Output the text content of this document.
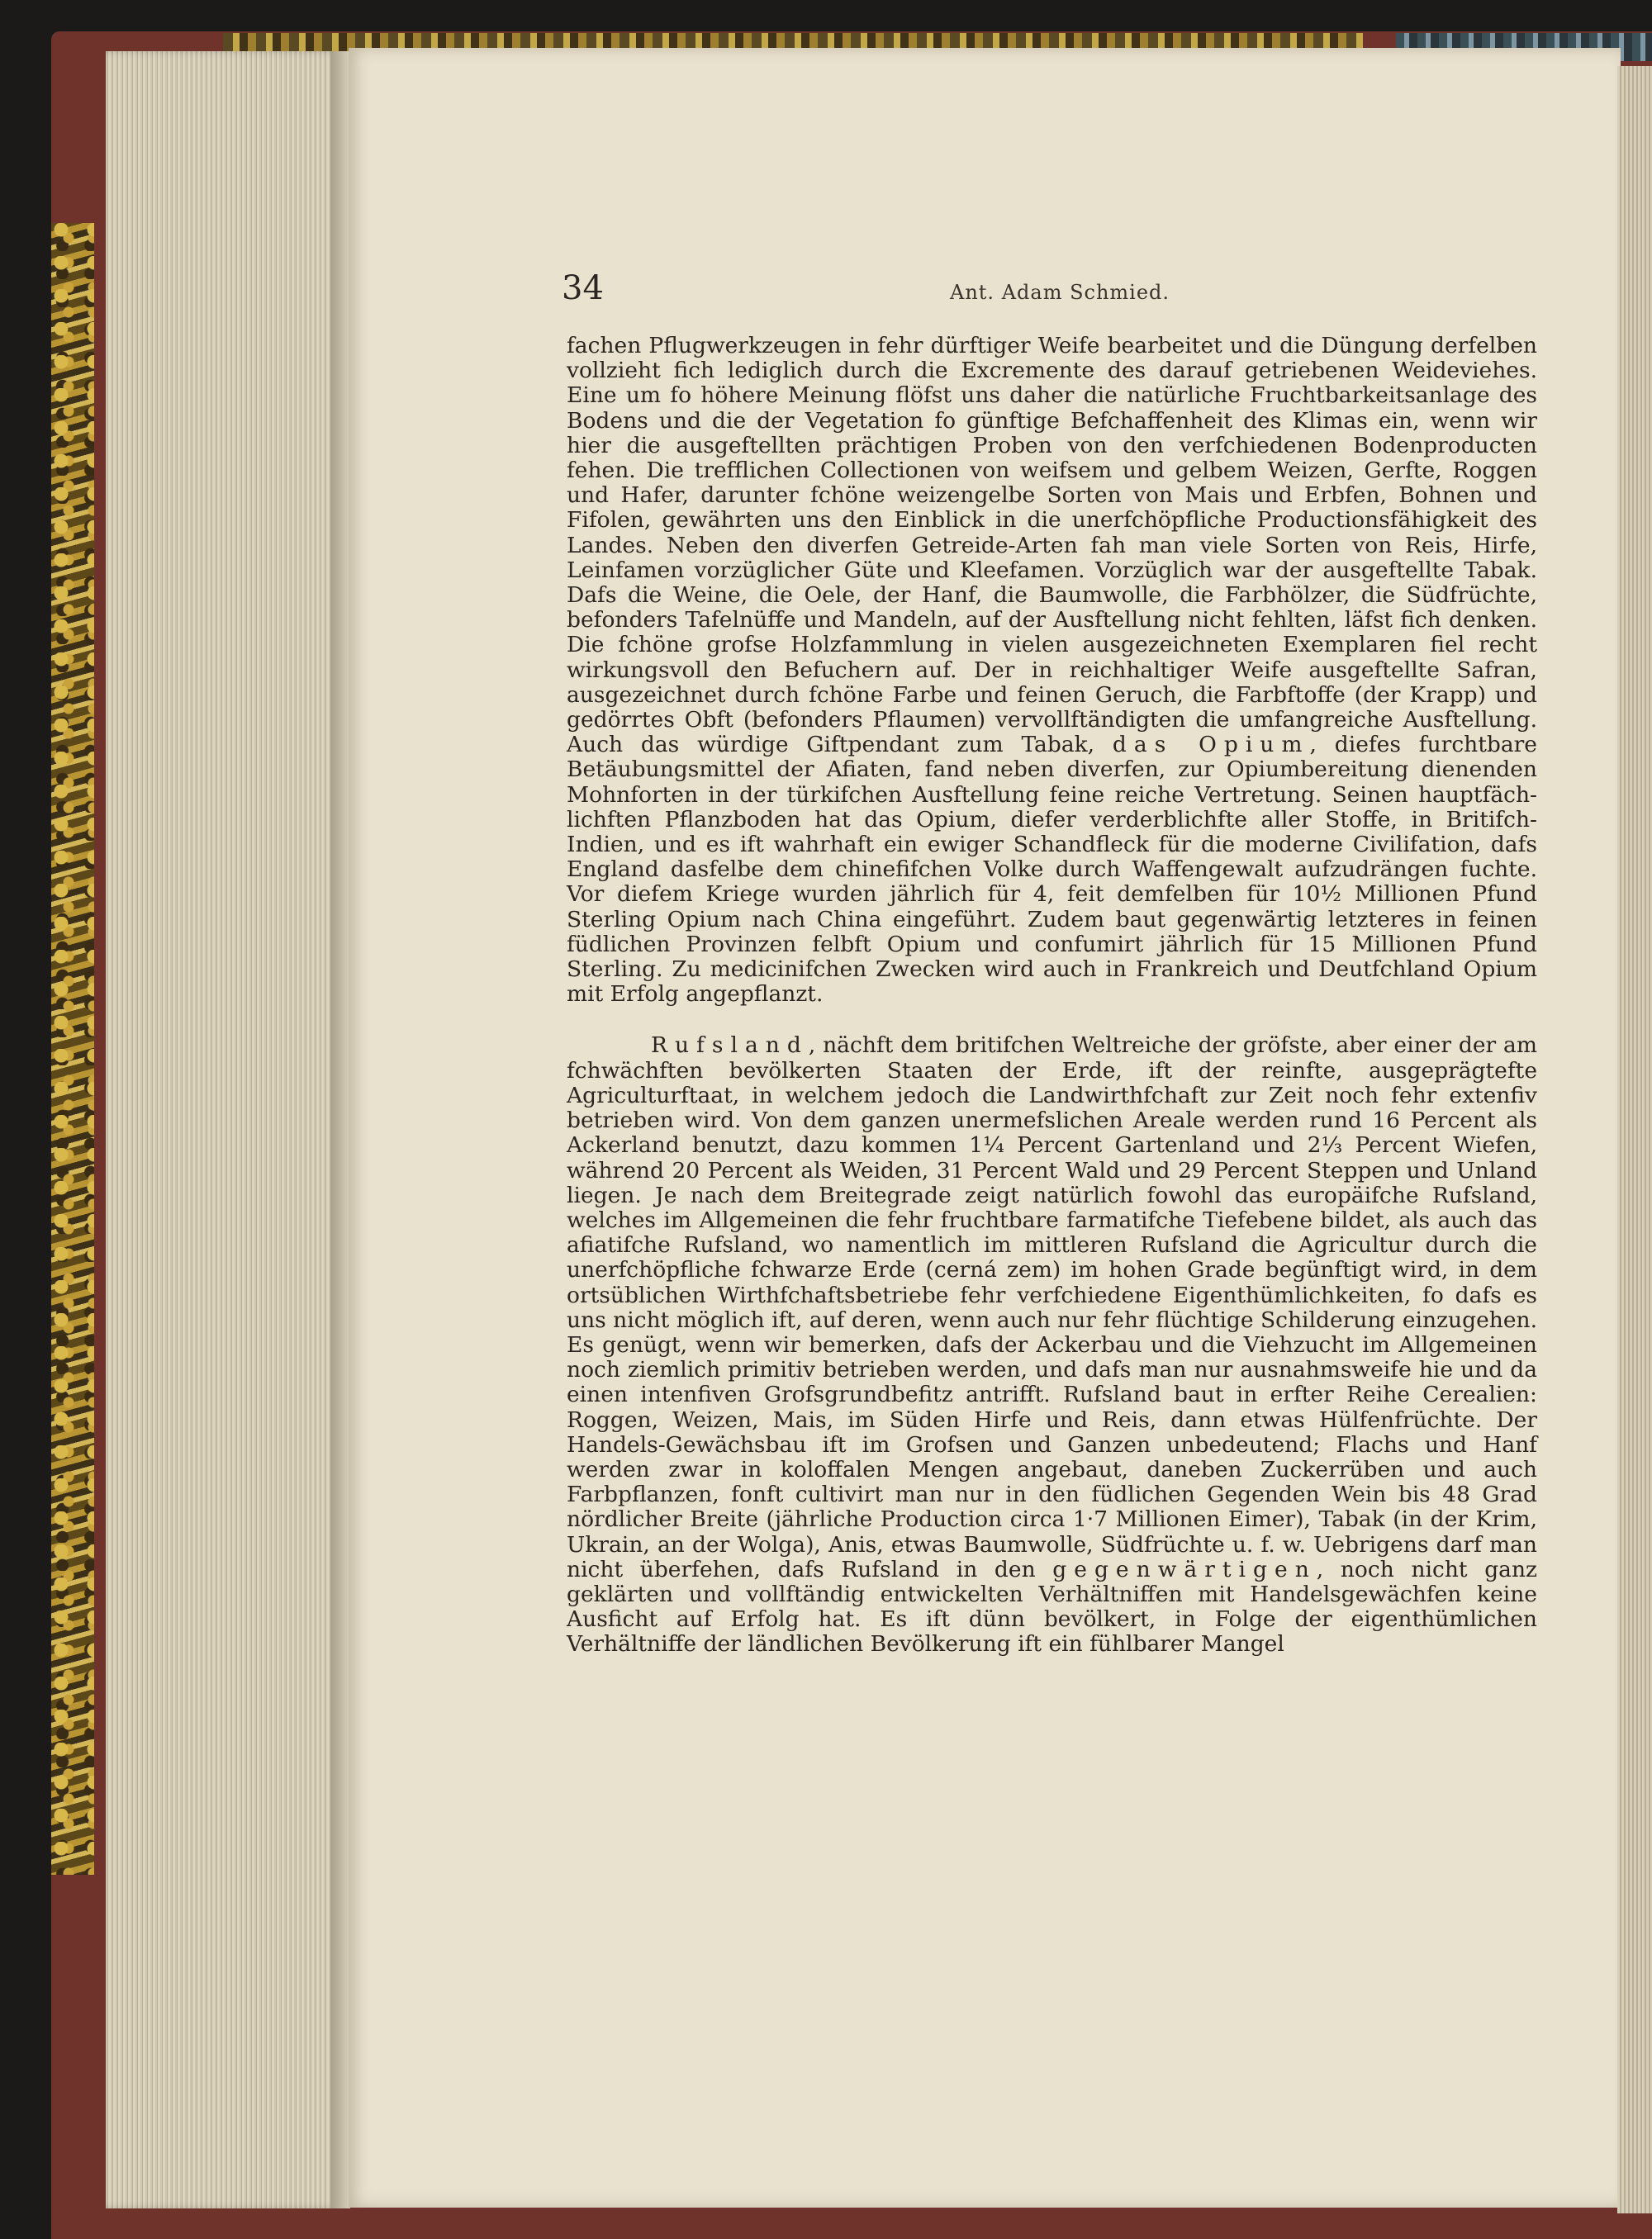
34	Ant. Adam Schmied.

fachen Pflugwerkzeugen in fehr dürftiger Weife bearbeitet und die Düngung derfelben vollzieht fich lediglich durch die Excremente des darauf getriebenen Weideviehes. Eine um fo höhere Meinung flöfst uns daher die natürliche Fruchtbarkeitsanlage des Bodens und die der Vegetation fo günftige Befchaffenheit des Klimas ein, wenn wir hier die ausgeftellten prächtigen Proben von den verfchiedenen Bodenproducten fehen. Die trefflichen Collectionen von weifsem und gelbem Weizen, Gerfte, Roggen und Hafer, darunter fchöne weizengelbe Sorten von Mais und Erbfen, Bohnen und Fifolen, gewährten uns den Einblick in die unerfchöpfliche Productionsfähigkeit des Landes. Neben den diverfen Getreide-Arten fah man viele Sorten von Reis, Hirfe, Leinfamen vorzüglicher Güte und Kleefamen. Vorzüglich war der ausgeftellte Tabak. Dafs die Weine, die Oele, der Hanf, die Baumwolle, die Farbhölzer, die Südfrüchte, befonders Tafelnüffe und Mandeln, auf der Ausftellung nicht fehlten, läfst fich denken. Die fchöne grofse Holzfammlung in vielen ausgezeichneten Exemplaren fiel recht wirkungsvoll den Befuchern auf. Der in reichhaltiger Weife ausgeftellte Safran, ausgezeichnet durch fchöne Farbe und feinen Geruch, die Farbftoffe (der Krapp) und gedörrtes Obft (befonders Pflaumen) vervollftändigten die umfangreiche Ausftellung. Auch das würdige Giftpendant zum Tabak, das Opium, diefes furchtbare Betäubungsmittel der Afiaten, fand neben diverfen, zur Opiumbereitung dienenden Mohnforten in der türkifchen Ausftellung feine reiche Vertretung. Seinen hauptfächlichften Pflanzboden hat das Opium, diefer verderblichfte aller Stoffe, in Britifch-Indien, und es ift wahrhaft ein ewiger Schandfleck für die moderne Civilifation, dafs England dasfelbe dem chinefifchen Volke durch Waffengewalt aufzudrängen fuchte. Vor diefem Kriege wurden jährlich für 4, feit demfelben für 10½ Millionen Pfund Sterling Opium nach China eingeführt. Zudem baut gegenwärtig letzteres in feinen füdlichen Provinzen felbft Opium und confumirt jährlich für 15 Millionen Pfund Sterling. Zu medicinifchen Zwecken wird auch in Frankreich und Deutfchland Opium mit Erfolg angepflanzt.

Rufsland, nächft dem britifchen Weltreiche der gröfste, aber einer der am fchwächften bevölkerten Staaten der Erde, ift der reinfte, ausgeprägtefte Agriculturftaat, in welchem jedoch die Landwirthfchaft zur Zeit noch fehr extenfiv betrieben wird. Von dem ganzen unermefslichen Areale werden rund 16 Percent als Ackerland benutzt, dazu kommen 1¼ Percent Gartenland und 2⅓ Percent Wiefen, während 20 Percent als Weiden, 31 Percent Wald und 29 Percent Steppen und Unland liegen. Je nach dem Breitegrade zeigt natürlich fowohl das europäifche Rufsland, welches im Allgemeinen die fehr fruchtbare farmatifche Tiefebene bildet, als auch das afiatifche Rufsland, wo namentlich im mittleren Rufsland die Agricultur durch die unerfchöpfliche fchwarze Erde (cerná zem) im hohen Grade begünftigt wird, in dem ortsüblichen Wirthfchaftsbetriebe fehr verfchiedene Eigenthümlichkeiten, fo dafs es uns nicht möglich ift, auf deren, wenn auch nur fehr flüchtige Schilderung einzugehen. Es genügt, wenn wir bemerken, dafs der Ackerbau und die Viehzucht im Allgemeinen noch ziemlich primitiv betrieben werden, und dafs man nur ausnahmsweife hie und da einen intenfiven Grofsgrundbefitz antrifft. Rufsland baut in erfter Reihe Cerealien: Roggen, Weizen, Mais, im Süden Hirfe und Reis, dann etwas Hülfenfrüchte. Der Handels-Gewächsbau ift im Grofsen und Ganzen unbedeutend; Flachs und Hanf werden zwar in koloffalen Mengen angebaut, daneben Zuckerrüben und auch Farbpflanzen, fonft cultivirt man nur in den füdlichen Gegenden Wein bis 48 Grad nördlicher Breite (jährliche Production circa 1·7 Millionen Eimer), Tabak (in der Krim, Ukrain, an der Wolga), Anis, etwas Baumwolle, Südfrüchte u. f. w. Uebrigens darf man nicht überfehen, dafs Rufsland in den gegenwärtigen, noch nicht ganz geklärten und vollftändig entwickelten Verhältniffen mit Handelsgewächfen keine Ausficht auf Erfolg hat. Es ift dünn bevölkert, in Folge der eigenthümlichen Verhältniffe der ländlichen Bevölkerung ift ein fühlbarer Mangel
